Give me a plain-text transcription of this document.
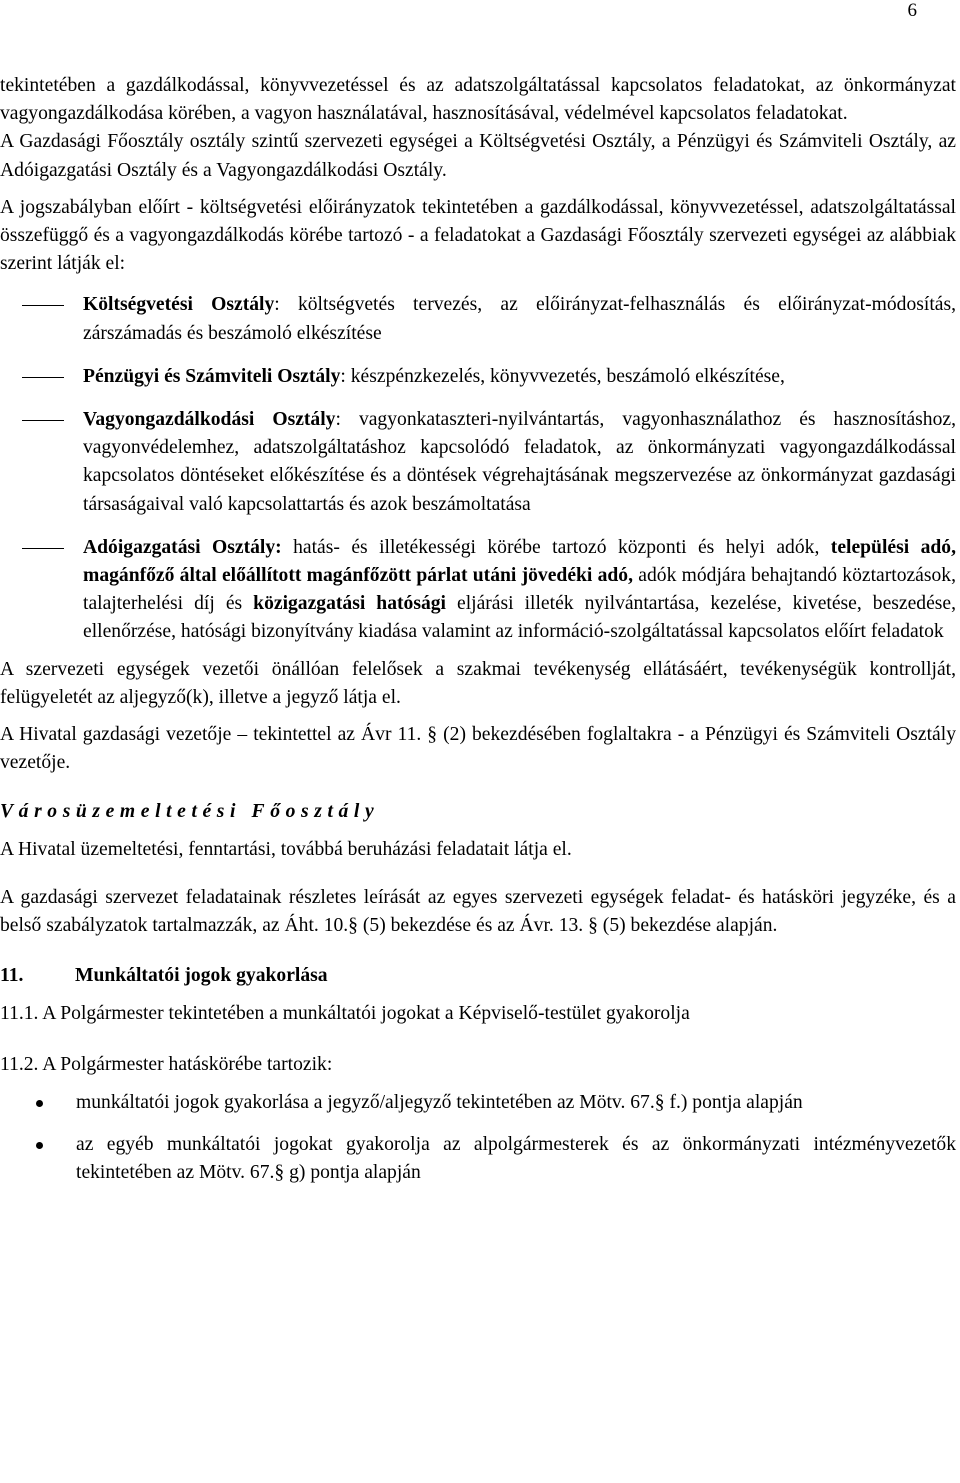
6

tekintetében a gazdálkodással, könyvvezetéssel és az adatszolgáltatással kapcsolatos feladatokat, az önkormányzat vagyongazdálkodása körében, a vagyon használatával, hasznosításával, védelmével kapcsolatos feladatokat.

A Gazdasági Főosztály osztály szintű szervezeti egységei a Költségvetési Osztály, a Pénzügyi és Számviteli Osztály, az Adóigazgatási Osztály és a Vagyongazdálkodási Osztály.

A jogszabályban előírt - költségvetési előirányzatok tekintetében a gazdálkodással, könyvvezetéssel, adatszolgáltatással összefüggő és a vagyongazdálkodás körébe tartozó - a feladatokat a Gazdasági Főosztály szervezeti egységei az alábbiak szerint látják el:

Költségvetési Osztály: költségvetés tervezés, az előirányzat-felhasználás és előirányzat-módosítás, zárszámadás és beszámoló elkészítése
Pénzügyi és Számviteli Osztály: készpénzkezelés, könyvvezetés, beszámoló elkészítése,
Vagyongazdálkodási Osztály: vagyonkataszteri-nyilvántartás, vagyonhasználathoz és hasznosításhoz, vagyonvédelemhez, adatszolgáltatáshoz kapcsolódó feladatok, az önkormányzati vagyongazdálkodással kapcsolatos döntéseket előkészítése és a döntések végrehajtásának megszervezése az önkormányzat gazdasági társaságaival való kapcsolattartás és azok beszámoltatása
Adóigazgatási Osztály: hatás- és illetékességi körébe tartozó központi és helyi adók, települési adó, magánfőző által előállított magánfőzött párlat utáni jövedéki adó, adók módjára behajtandó köztartozások, talajterhelési díj és közigazgatási hatósági eljárási illeték nyilvántartása, kezelése, kivetése, beszedése, ellenőrzése, hatósági bizonyítvány kiadása valamint az információ-szolgáltatással kapcsolatos előírt feladatok

A szervezeti egységek vezetői önállóan felelősek a szakmai tevékenység ellátásáért, tevékenységük kontrollját, felügyeletét az aljegyző(k), illetve a jegyző látja el.

A Hivatal gazdasági vezetője – tekintettel az Ávr 11. § (2) bekezdésében foglaltakra - a Pénzügyi és Számviteli Osztály vezetője.

Városüzemeltetési Főosztály

A Hivatal üzemeltetési, fenntartási, továbbá beruházási feladatait látja el.

A gazdasági szervezet feladatainak részletes leírását az egyes szervezeti egységek feladat- és hatásköri jegyzéke, és a belső szabályzatok tartalmazzák, az Áht. 10.§ (5) bekezdése és az Ávr. 13. § (5) bekezdése alapján.

11.	Munkáltatói jogok gyakorlása

11.1. A Polgármester tekintetében a munkáltatói jogokat a Képviselő-testület gyakorolja

11.2. A Polgármester hatáskörébe tartozik:

munkáltatói jogok gyakorlása a jegyző/aljegyző tekintetében az Mötv. 67.§ f.) pontja alapján
az egyéb munkáltatói jogokat gyakorolja az alpolgármesterek és az önkormányzati intézményvezetők tekintetében az Mötv. 67.§ g) pontja alapján
